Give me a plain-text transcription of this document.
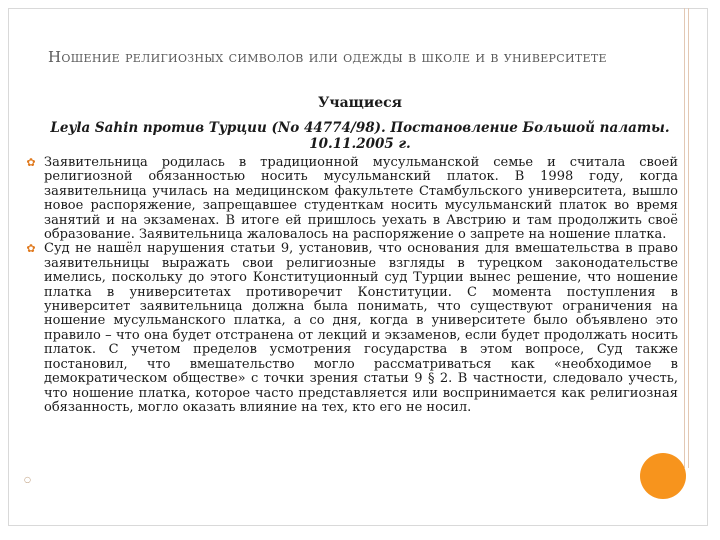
Ношение религиозных символов или одежды в школе и в университете
Учащиеся
Leyla Sahin против Турции (No 44774/98). Постановление Большой палаты. 10.11.2005 г.
✿ Заявительница родилась в традиционной мусульманской семье и считала своей религиозной обязанностью носить мусульманский платок. В 1998 году, когда заявительница училась на медицинском факультете Стамбульского университета, вышло новое распоряжение, запрещавшее студенткам носить мусульманский платок во время занятий и на экзаменах. В итоге ей пришлось уехать в Австрию и там продолжить своё образование. Заявительница жаловалось на распоряжение о запрете на ношение платка.
✿ Суд не нашёл нарушения статьи 9, установив, что основания для вмешательства в право заявительницы выражать свои религиозные взгляды в турецком законодательстве имелись, поскольку до этого Конституционный суд Турции вынес решение, что ношение платка в университетах противоречит Конституции. С момента поступления в университет заявительница должна была понимать, что существуют ограничения на ношение мусульманского платка, а со дня, когда в университете было объявлено это правило – что она будет отстранена от лекций и экзаменов, если будет продолжать носить платок. С учетом пределов усмотрения государства в этом вопросе, Суд также постановил, что вмешательство могло рассматриваться как «необходимое в демократическом обществе» с точки зрения статьи 9 § 2. В частности, следовало учесть, что ношение платка, которое часто представляется или воспринимается как религиозная обязанность, могло оказать влияние на тех, кто его не носил.
○
